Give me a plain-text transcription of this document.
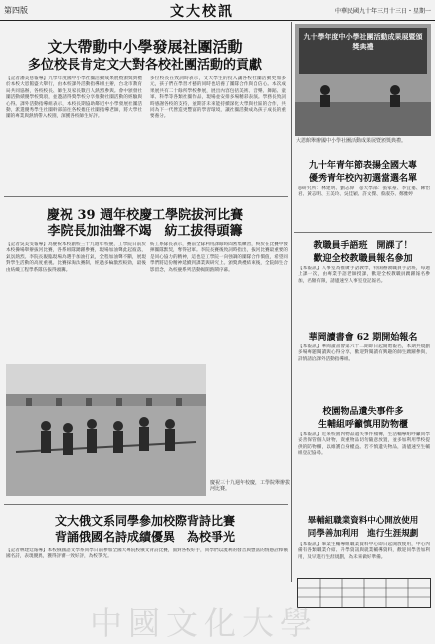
第四版	文大校訊	中華民國九十年三月十三日・星期一
文大帶動中小學發展社團活動
多位校長肯定文大對各校社團活動的貢獻
【記者潘美慈報導】九學年度國中小學社團活動成果展暨頒獎典禮於本校大恩館盛大舉行，由本校課外活動指導組主辦，台北市教育局共同協辦，各校校長、師生及家長數百人熱烈參與。會中頒發社團活動績優學校獎項，並邀請得獎學校分享推動社團活動的經驗與心得。課外活動指導組表示，本校長期協助鄰近中小學發展社團活動，派遣優秀學生社團幹部前往各校擔任社團指導老師，將大學社團的專業與熱情帶入校園，深獲各校師生好評。
多位校長在致詞時表示，文大學生的投入讓各校社團活動更加多元，孩子們在學習才藝的同時也培養了團隊合作與自信心。本次成果展共有二十餘所學校參展，展出內容包括美術、音樂、舞蹈、童軍、科學等各類社團作品，現場並安排多場精彩表演。學務長致詞時感謝各校的支持，並期許未來能持續深化大學與社區的合作，共同為下一代營造更豐富的學習環境，讓社團活動成為孩子成長的重要養分。
慶祝 39 週年校慶工學院拔河比賽
李院長加油聲不竭　紡工拔得頭籌
【記者吳美雯報導】為慶祝本校創校三十九週年校慶，工學院日前於本校操場舉辦拔河比賽，各系組隊踴躍參賽，現場加油聲此起彼落，氣氛熱烈。李院長親臨現場為選手加油打氣，全程加油聲不斷，展現對學生活動的高度重視。比賽採淘汰賽制，經過多輪激烈較勁，最後由紡織工程學系隊伍拔得頭籌。
紡工系隊長表示，賽前全隊利用課餘時間密集練習，終於在比賽中發揮團隊默契，奪得冠軍。李院長賽後致詞時指出，拔河比賽最重要的是同心協力的精神，這也是工學院一向強調的團隊合作價值，希望同學們將這份精神延續到課業與研究上。頒獎典禮結束後，全院師生合影留念，為校慶系列活動揭開熱鬧序幕。
慶祝三十九週年校慶，工學院舉辦拔河比賽。
文大俄文系同學參加校際背詩比賽
背誦俄國名詩成績優異　為校爭光
【記者林建廷報導】本校俄國語文學系同學日前參加全國大專院校俄文背詩比賽，面對各校好手，同學們以流利的發音與豐富的情感詮釋俄國名詩，表現優異，獲得評審一致好評，為校爭光。
九十學年度中小學社團活動成果展暨頒獎典禮
大恩館舉辦國中小學社團活動成果展暨頒獎典禮。
九十年青年節表揚全國大專
優秀青年校內初選當選名單
◎研究所：林建明、劉志偉　◎大學部：張家豪、李宜蓁、陳怡君、黃志明、王美玲、吳佳穎、許文傑、蔡淑芬、鄭雅婷
教職員手語班　開課了！
歡迎全校教職員報名參加
【本報訊】人事室為推廣手語教學，特開辦教職員手語班，每週上課一次，由專業手語老師授課，歡迎全校教職員踴躍報名參加，名額有限，請儘速至人事室登記報名。
華岡讀書會 62 期開始報名
【本報訊】華岡讀書會第六十二期即日起開始報名，本期共規劃多場專題閱讀與心得分享，歡迎對閱讀有興趣的師生踴躍參與，詳情請洽課外活動指導組。
校園物品遺失事件多
生輔組呼籲慎用防物櫃
【本報訊】近來校園內物品遺失事件頻傳，生活輔導組呼籲同學妥善保管個人財物，貴重物品切勿隨意放置，並多加利用學校提供的防物櫃，以維護自身權益。若不慎遺失物品，請儘速至生輔組登記協尋。
畢輔組職業資料中心開放使用
同學善加利用　進行生涯規劃
【本報訊】畢業生輔導組職業資料中心即日起開放使用，中心內備有各類職業介紹、升學資訊與就業輔導資料，歡迎同學善加利用，及早進行生涯規劃，為未來做好準備。
中國文化大學
